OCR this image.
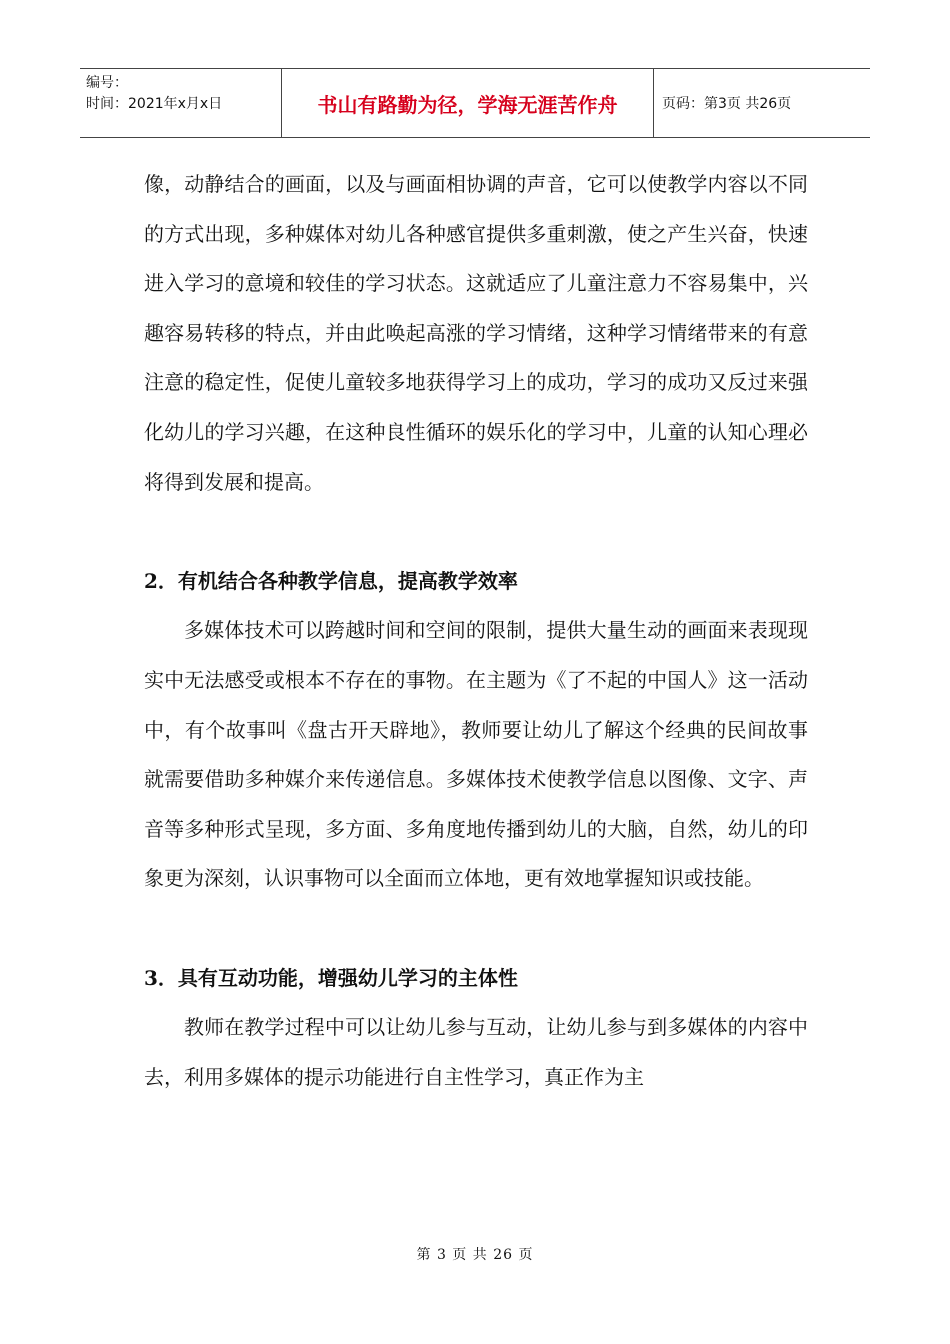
编号：
时间：2021年x月x日	书山有路勤为径，学海无涯苦作舟	页码：第3页 共26页

像，动静结合的画面，以及与画面相协调的声音，它可以使教学内容以不同的方式出现，多种媒体对幼儿各种感官提供多重刺激，使之产生兴奋，快速进入学习的意境和较佳的学习状态。这就适应了儿童注意力不容易集中，兴趣容易转移的特点，并由此唤起高涨的学习情绪，这种学习情绪带来的有意注意的稳定性，促使儿童较多地获得学习上的成功，学习的成功又反过来强化幼儿的学习兴趣，在这种良性循环的娱乐化的学习中，儿童的认知心理必将得到发展和提高。

2．有机结合各种教学信息，提高教学效率

多媒体技术可以跨越时间和空间的限制，提供大量生动的画面来表现现实中无法感受或根本不存在的事物。在主题为《了不起的中国人》这一活动中，有个故事叫《盘古开天辟地》，教师要让幼儿了解这个经典的民间故事就需要借助多种媒介来传递信息。多媒体技术使教学信息以图像、文字、声音等多种形式呈现，多方面、多角度地传播到幼儿的大脑，自然，幼儿的印象更为深刻，认识事物可以全面而立体地，更有效地掌握知识或技能。

3．具有互动功能，增强幼儿学习的主体性

教师在教学过程中可以让幼儿参与互动，让幼儿参与到多媒体的内容中去，利用多媒体的提示功能进行自主性学习，真正作为主

第 3 页 共 26 页
